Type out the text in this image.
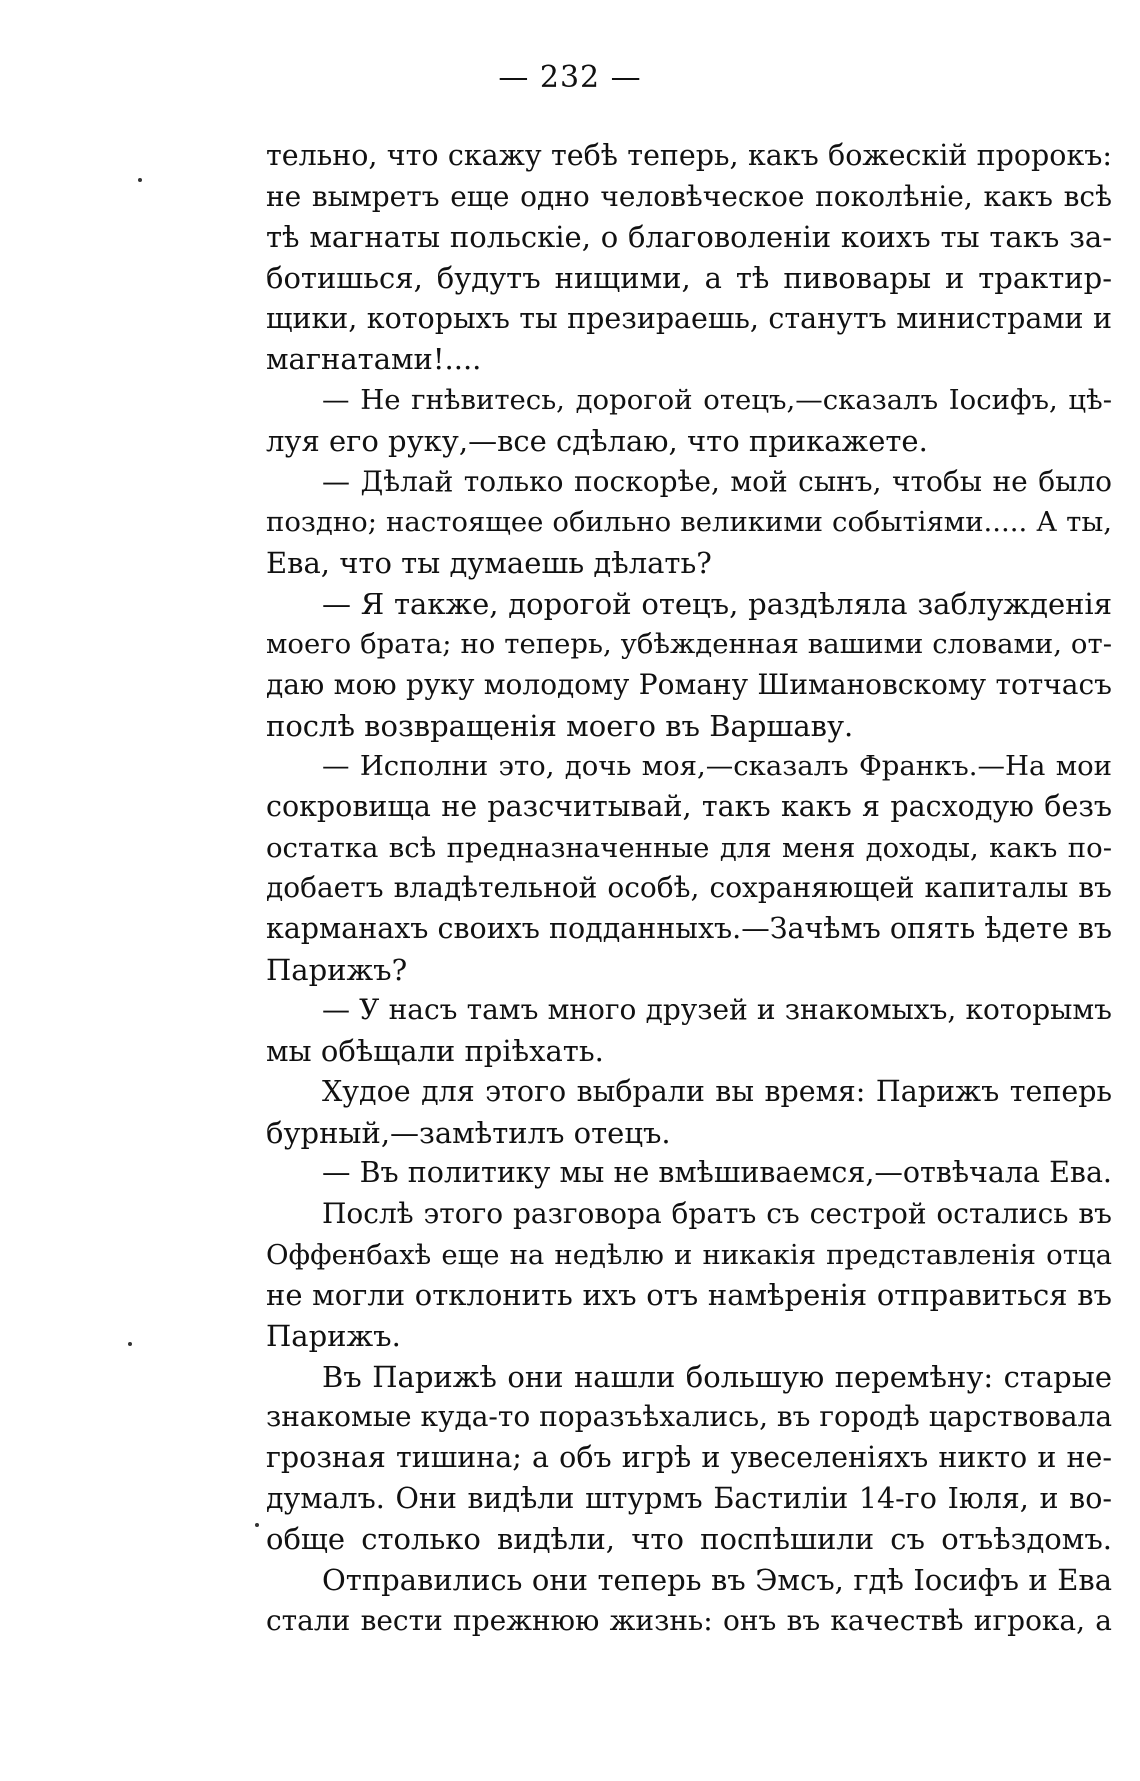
— 232 —
тельно, что скажу тебѣ теперь, какъ божескій пророкъ:
не вымретъ еще одно человѣческое поколѣніе, какъ всѣ
тѣ магнаты польскіе, о благоволеніи коихъ ты такъ за-
ботишься, будутъ нищими, а тѣ пивовары и трактир-
щики, которыхъ ты презираешь, станутъ министрами и
магнатами!....
— Не гнѣвитесь, дорогой отецъ,—сказалъ Іосифъ, цѣ-
луя его руку,—все сдѣлаю, что прикажете.
— Дѣлай только поскорѣе, мой сынъ, чтобы не было
поздно; настоящее обильно великими событіями..... А ты,
Ева, что ты думаешь дѣлать?
— Я также, дорогой отецъ, раздѣляла заблужденія
моего брата; но теперь, убѣжденная вашими словами, от-
даю мою руку молодому Роману Шимановскому тотчасъ
послѣ возвращенія моего въ Варшаву.
— Исполни это, дочь моя,—сказалъ Франкъ.—На мои
сокровища не разсчитывай, такъ какъ я расходую безъ
остатка всѣ предназначенные для меня доходы, какъ по-
добаетъ владѣтельной особѣ, сохраняющей капиталы въ
карманахъ своихъ подданныхъ.—Зачѣмъ опять ѣдете въ
Парижъ?
— У насъ тамъ много друзей и знакомыхъ, которымъ
мы обѣщали пріѣхать.
Худое для этого выбрали вы время: Парижъ теперь
бурный,—замѣтилъ отецъ.
— Въ политику мы не вмѣшиваемся,—отвѣчала Ева.
Послѣ этого разговора братъ съ сестрой остались въ
Оффенбахѣ еще на недѣлю и никакія представленія отца
не могли отклонить ихъ отъ намѣренія отправиться въ
Парижъ.
Въ Парижѣ они нашли большую перемѣну: старые
знакомые куда-то поразъѣхались, въ городѣ царствовала
грозная тишина; а объ игрѣ и увеселеніяхъ никто и не-
думалъ. Они видѣли штурмъ Бастиліи 14-го Іюля, и во-
обще столько видѣли, что поспѣшили съ отъѣздомъ.
Отправились они теперь въ Эмсъ, гдѣ Іосифъ и Ева
стали вести прежнюю жизнь: онъ въ качествѣ игрока, а
